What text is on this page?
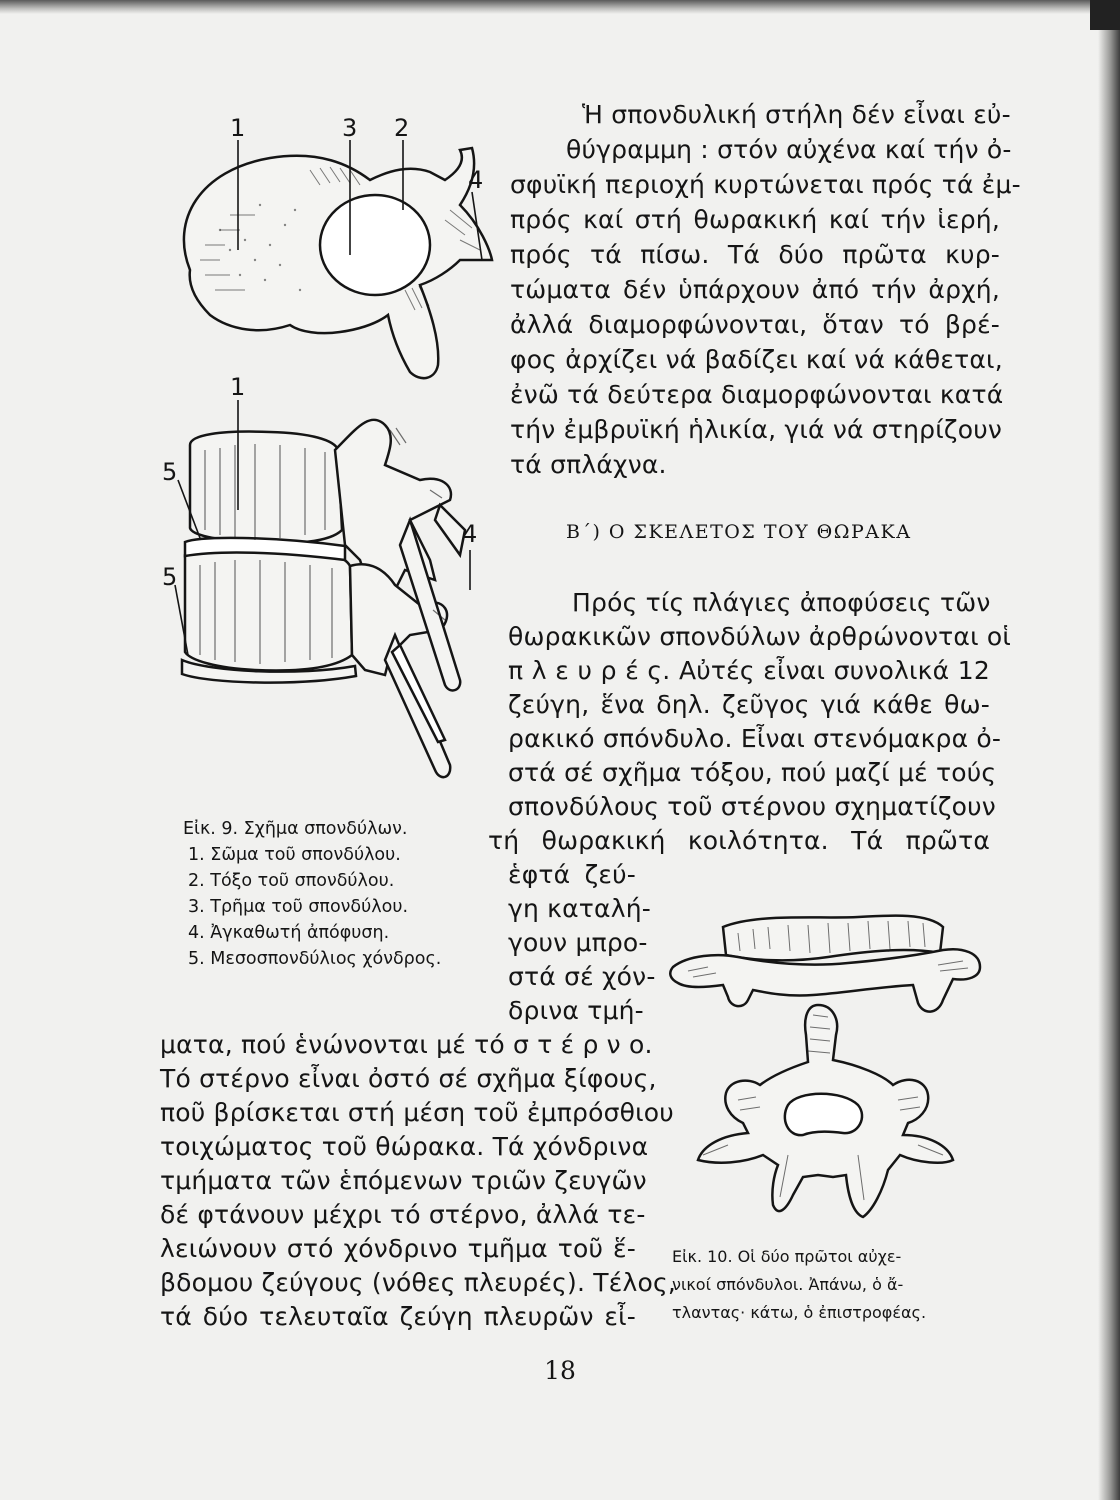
1	3 2
4
1
5
5
4
Εἰκ. 9. Σχῆμα σπονδύλων.
1. Σῶμα τοῦ σπονδύλου.
2. Τόξο τοῦ σπονδύλου.
3. Τρῆμα τοῦ σπονδύλου.
4. Ἀγκαθωτή ἀπόφυση.
5. Μεσοσπονδύλιος χόνδρος.
Ἡ σπονδυλική στήλη δέν εἶναι εὐ-
θύγραμμη : στόν αὐχένα καί τήν ὀ-
σφυϊκή περιοχή κυρτώνεται πρός τά ἐμ-
πρός καί στή θωρακική καί τήν ἱερή,
πρός τά πίσω. Τά δύο πρῶτα κυρ-
τώματα δέν ὑπάρχουν ἀπό τήν ἀρχή,
ἀλλά διαμορφώνονται, ὅταν τό βρέ-
φος ἀρχίζει νά βαδίζει καί νά κάθεται,
ἐνῶ τά δεύτερα διαμορφώνονται κατά
τήν ἐμβρυϊκή ἡλικία, γιά νά στηρίζουν
τά σπλάχνα.
Β΄) Ο ΣΚΕΛΕΤΟΣ ΤΟΥ ΘΩΡΑΚΑ
Πρός τίς πλάγιες ἀποφύσεις τῶν
θωρακικῶν σπονδύλων ἀρθρώνονται οἱ
π λ ε υ ρ έ ς. Αὐτές εἶναι συνολικά 12
ζεύγη, ἕνα δηλ. ζεῦγος γιά κάθε θω-
ρακικό σπόνδυλο. Εἶναι στενόμακρα ὀ-
στά σέ σχῆμα τόξου, πού μαζί μέ τούς
σπονδύλους τοῦ στέρνου σχηματίζουν
τή θωρακική κοιλότητα. Τά πρῶτα
ἑφτά ζεύ-
γη καταλή-
γουν μπρο-
στά σέ χόν-
δρινα τμή-
ματα, πού ἑνώνονται μέ τό σ τ έ ρ ν ο.
Τό στέρνο εἶναι ὀστό σέ σχῆμα ξίφους,
ποῦ βρίσκεται στή μέση τοῦ ἐμπρόσθιου
τοιχώματος τοῦ θώρακα. Τά χόνδρινα
τμήματα τῶν ἑπόμενων τριῶν ζευγῶν
δέ φτάνουν μέχρι τό στέρνο, ἀλλά τε-
λειώνουν στό χόνδρινο τμῆμα τοῦ ἕ-
βδομου ζεύγους (νόθες πλευρές). Τέλος,
τά δύο τελευταῖα ζεύγη πλευρῶν εἶ-
Εἰκ. 10. Οἱ δύο πρῶτοι αὐχε-
νικοί σπόνδυλοι. Ἀπάνω, ὁ ἄ-
τλαντας· κάτω, ὁ ἐπιστροφέας.
18
